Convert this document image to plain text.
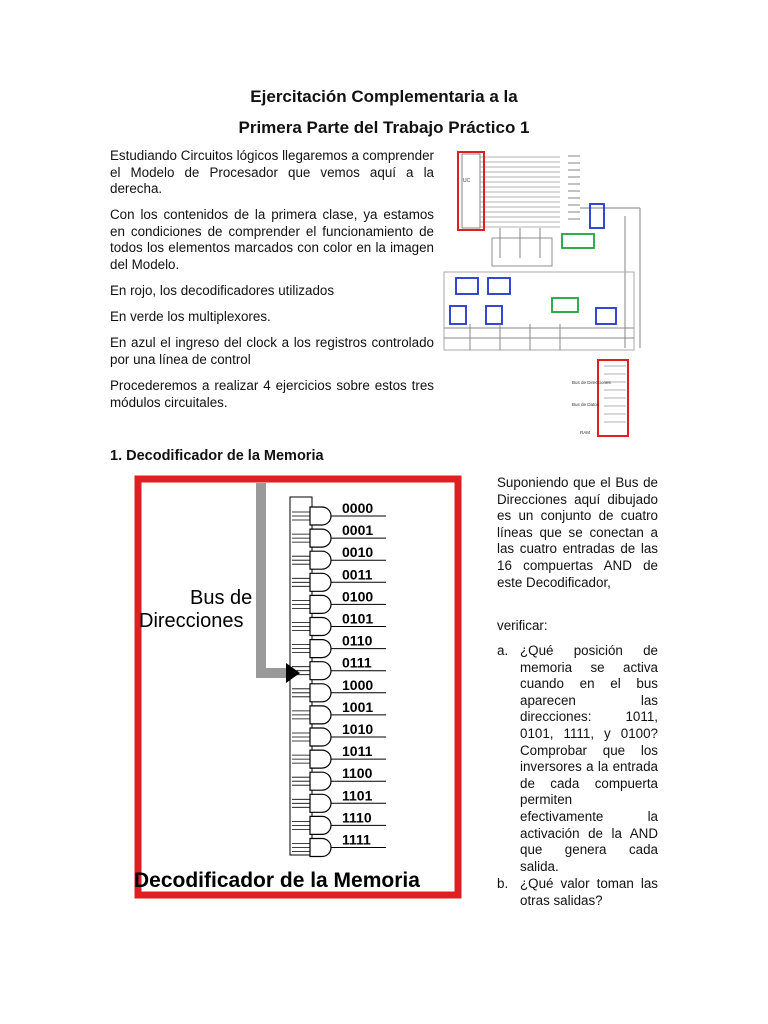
Ejercitación Complementaria a la
Primera Parte del Trabajo Práctico 1

Estudiando Circuitos lógicos llegaremos a comprender el Modelo de Procesador que vemos aquí a la derecha.

Con los contenidos de la primera clase, ya estamos en condiciones de comprender el funcionamiento de todos los elementos marcados con color en la imagen del Modelo.

En rojo, los decodificadores utilizados

En verde los multiplexores.

En azul el ingreso del clock a los registros controlado por una línea de control

Procederemos a realizar 4 ejercicios sobre estos tres módulos circuitales.

UC
Bus de Direcciones
Bus de Datos
RAM
1. Decodificador de la Memoria
Bus de
Direcciones
0000
0001
0010
0011
0100
0101
0110
0111
1000
1001
1010
1011
1100
1101
1110
1111
Decodificador de la Memoria

Suponiendo que el Bus de Direcciones aquí dibujado es un conjunto de cuatro líneas que se conectan a las cuatro entradas de las 16 compuertas AND de este Decodificador,

verificar:

a. ¿Qué posición de memoria se activa cuando en el bus aparecen las direcciones: 1011, 0101, 1111, y 0100? Comprobar que los inversores a la entrada de cada compuerta permiten efectivamente la activación de la AND que genera cada salida.
b. ¿Qué valor toman las otras salidas?
